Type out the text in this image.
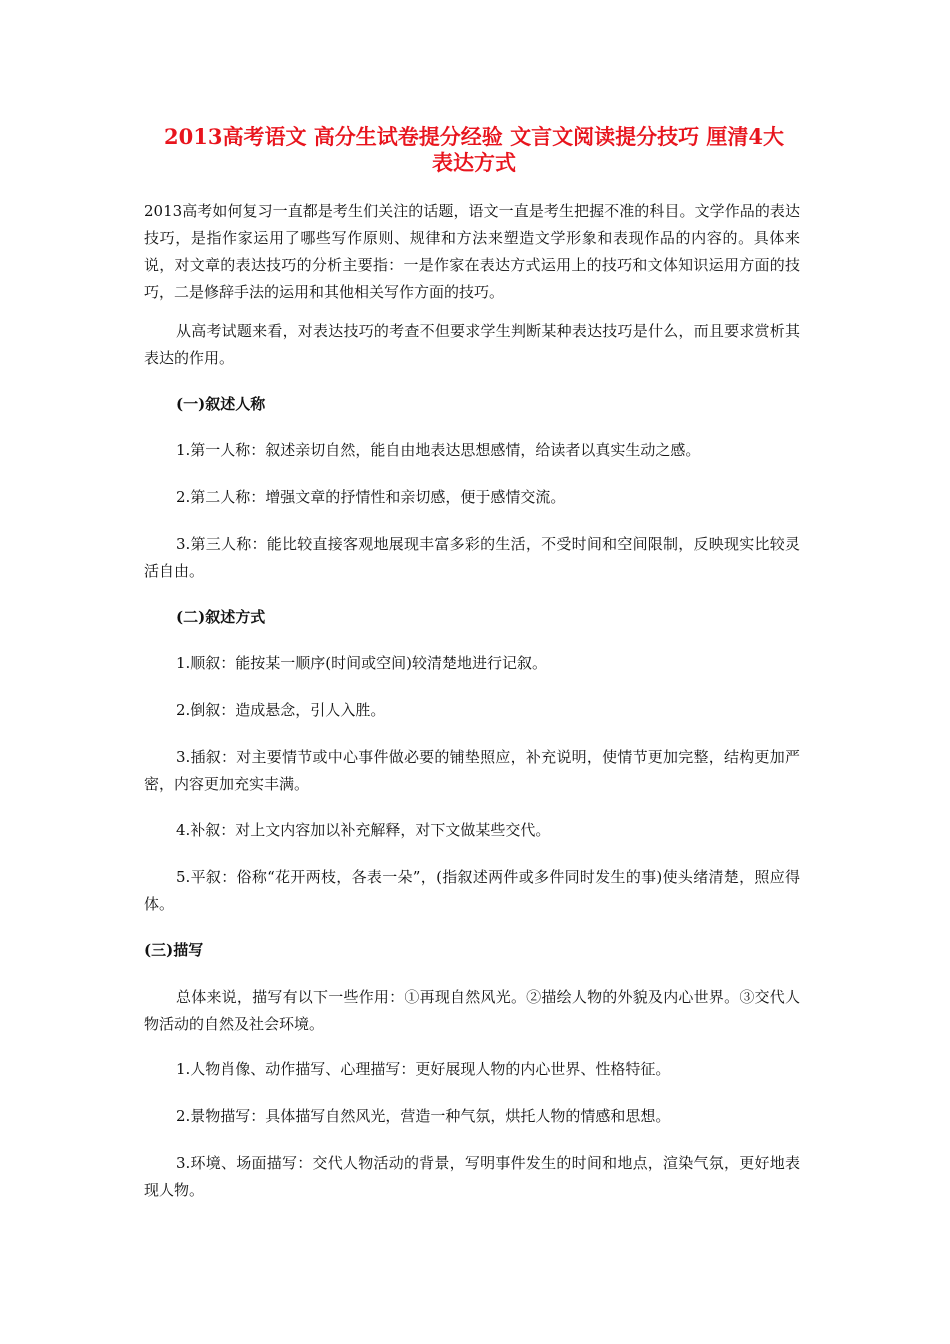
2013高考语文 高分生试卷提分经验 文言文阅读提分技巧 厘清4大
表达方式

2013高考如何复习一直都是考生们关注的话题，语文一直是考生把握不准的科目。文学作品的表达技巧，是指作家运用了哪些写作原则、规律和方法来塑造文学形象和表现作品的内容的。具体来说，对文章的表达技巧的分析主要指：一是作家在表达方式运用上的技巧和文体知识运用方面的技巧，二是修辞手法的运用和其他相关写作方面的技巧。

从高考试题来看，对表达技巧的考查不但要求学生判断某种表达技巧是什么，而且要求赏析其表达的作用。

(一)叙述人称

1.第一人称：叙述亲切自然，能自由地表达思想感情，给读者以真实生动之感。

2.第二人称：增强文章的抒情性和亲切感，便于感情交流。

3.第三人称：能比较直接客观地展现丰富多彩的生活，不受时间和空间限制，反映现实比较灵活自由。

(二)叙述方式

1.顺叙：能按某一顺序(时间或空间)较清楚地进行记叙。

2.倒叙：造成悬念，引人入胜。

3.插叙：对主要情节或中心事件做必要的铺垫照应，补充说明，使情节更加完整，结构更加严密，内容更加充实丰满。

4.补叙：对上文内容加以补充解释，对下文做某些交代。

5.平叙：俗称“花开两枝，各表一朵”，(指叙述两件或多件同时发生的事)使头绪清楚，照应得体。

(三)描写

总体来说，描写有以下一些作用：①再现自然风光。②描绘人物的外貌及内心世界。③交代人物活动的自然及社会环境。

1.人物肖像、动作描写、心理描写：更好展现人物的内心世界、性格特征。

2.景物描写：具体描写自然风光，营造一种气氛，烘托人物的情感和思想。

3.环境、场面描写：交代人物活动的背景，写明事件发生的时间和地点，渲染气氛，更好地表现人物。
